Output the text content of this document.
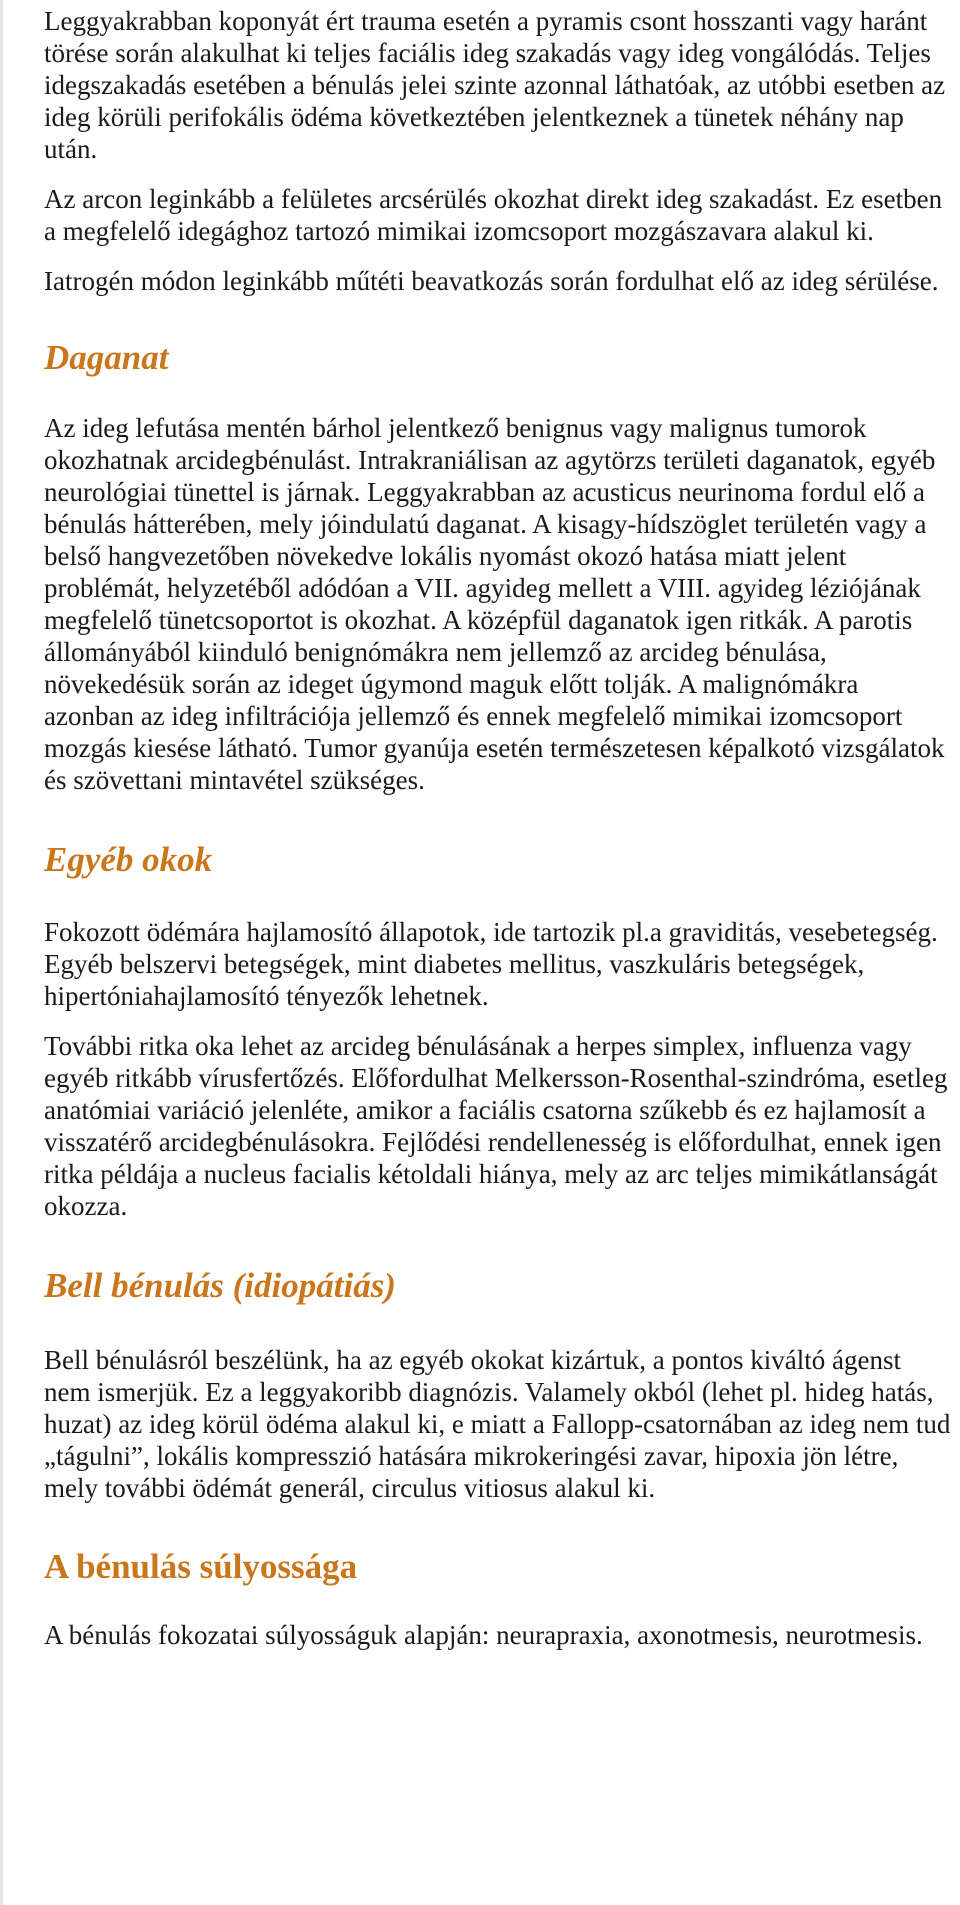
Leggyakrabban koponyát ért trauma esetén a pyramis csont hosszanti vagy haránt törése során alakulhat ki teljes faciális ideg szakadás vagy ideg vongálódás. Teljes idegszakadás esetében a bénulás jelei szinte azonnal láthatóak, az utóbbi esetben az ideg körüli perifokális ödéma következtében jelentkeznek a tünetek néhány nap után.

Az arcon leginkább a felületes arcsérülés okozhat direkt ideg szakadást. Ez esetben a megfelelő idegághoz tartozó mimikai izomcsoport mozgászavara alakul ki.

Iatrogén módon leginkább műtéti beavatkozás során fordulhat elő az ideg sérülése.

Daganat

Az ideg lefutása mentén bárhol jelentkező benignus vagy malignus tumorok okozhatnak arcidegbénulást. Intrakraniálisan az agytörzs területi daganatok, egyéb neurológiai tünettel is járnak. Leggyakrabban az acusticus neurinoma fordul elő a bénulás hátterében, mely jóindulatú daganat. A kisagy-hídszöglet területén vagy a belső hangvezetőben növekedve lokális nyomást okozó hatása miatt jelent problémát, helyzetéből adódóan a VII. agyideg mellett a VIII. agyideg léziójának megfelelő tünetcsoportot is okozhat. A középfül daganatok igen ritkák. A parotis állományából kiinduló benignómákra nem jellemző az arcideg bénulása, növekedésük során az ideget úgymond maguk előtt tolják. A malignómákra azonban az ideg infiltrációja jellemző és ennek megfelelő mimikai izomcsoport mozgás kiesése látható. Tumor gyanúja esetén természetesen képalkotó vizsgálatok és szövettani mintavétel szükséges.

Egyéb okok

Fokozott ödémára hajlamosító állapotok, ide tartozik pl.a graviditás, vesebetegség. Egyéb belszervi betegségek, mint diabetes mellitus, vaszkuláris betegségek, hipertóniahajlamosító tényezők lehetnek.

További ritka oka lehet az arcideg bénulásának a herpes simplex, influenza vagy egyéb ritkább vírusfertőzés. Előfordulhat Melkersson-Rosenthal-szindróma, esetleg anatómiai variáció jelenléte, amikor a faciális csatorna szűkebb és ez hajlamosít a visszatérő arcidegbénulásokra. Fejlődési rendellenesség is előfordulhat, ennek igen ritka példája a nucleus facialis kétoldali hiánya, mely az arc teljes mimikátlanságát okozza.

Bell bénulás (idiopátiás)

Bell bénulásról beszélünk, ha az egyéb okokat kizártuk, a pontos kiváltó ágenst nem ismerjük. Ez a leggyakoribb diagnózis. Valamely okból (lehet pl. hideg hatás, huzat) az ideg körül ödéma alakul ki, e miatt a Fallopp-csatornában az ideg nem tud „tágulni”, lokális kompresszió hatására mikrokeringési zavar, hipoxia jön létre, mely további ödémát generál, circulus vitiosus alakul ki.

A bénulás súlyossága

A bénulás fokozatai súlyosságuk alapján: neurapraxia, axonotmesis, neurotmesis.
